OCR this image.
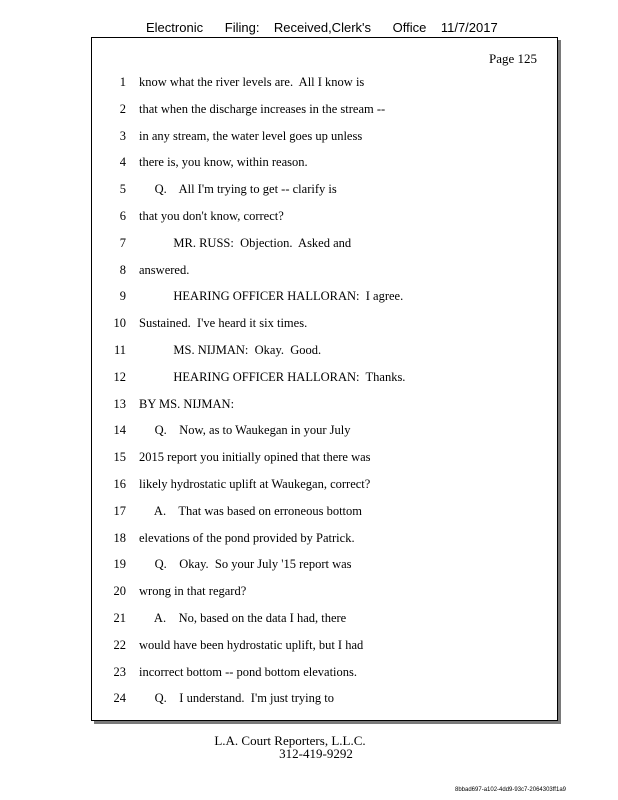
Electronic      Filing:    Received,Clerk's      Office    11/7/2017
Page 125
1 know what the river levels are.  All I know is
2 that when the discharge increases in the stream --
3 in any stream, the water level goes up unless
4 there is, you know, within reason.
5 Q.    All I'm trying to get -- clarify is
6 that you don't know, correct?
7 MR. RUSS:  Objection.  Asked and
8 answered.
9 HEARING OFFICER HALLORAN:  I agree.
10 Sustained.  I've heard it six times.
11 MS. NIJMAN:  Okay.  Good.
12 HEARING OFFICER HALLORAN:  Thanks.
13 BY MS. NIJMAN:
14 Q.    Now, as to Waukegan in your July
15 2015 report you initially opined that there was
16 likely hydrostatic uplift at Waukegan, correct?
17 A.    That was based on erroneous bottom
18 elevations of the pond provided by Patrick.
19 Q.    Okay.  So your July '15 report was
20 wrong in that regard?
21 A.    No, based on the data I had, there
22 would have been hydrostatic uplift, but I had
23 incorrect bottom -- pond bottom elevations.
24 Q.    I understand.  I'm just trying to
L.A. Court Reporters, L.L.C.
312-419-9292
8bbad697-a102-4dd9-93c7-2064303ff1a9
